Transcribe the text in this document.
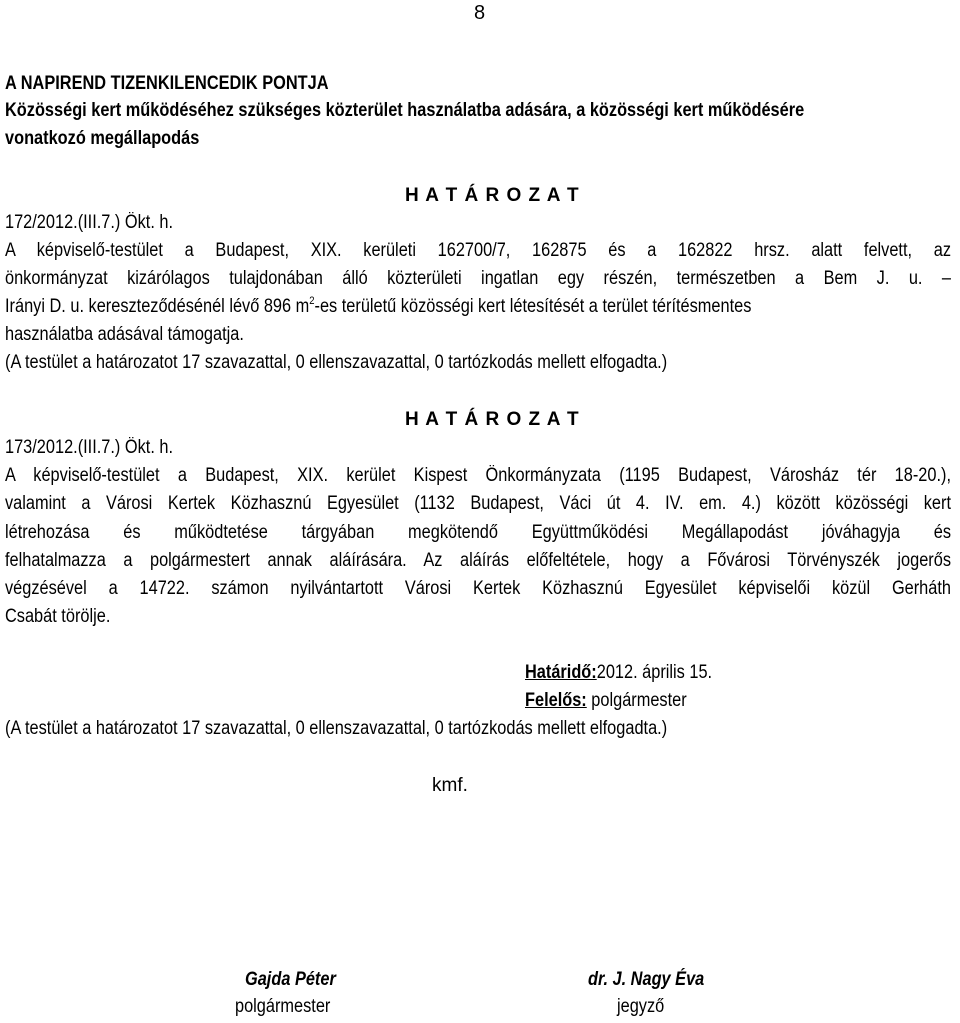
8
A NAPIREND TIZENKILENCEDIK PONTJA
Közösségi kert működéséhez szükséges közterület használatba adására, a közösségi kert működésére
vonatkozó megállapodás
H A T Á R O Z A T
172/2012.(III.7.) Ökt. h.
A képviselő-testület a Budapest, XIX. kerületi 162700/7, 162875 és a 162822 hrsz. alatt felvett, az
önkormányzat kizárólagos tulajdonában álló közterületi ingatlan egy részén, természetben a Bem J. u. –
Irányi D. u. kereszteződésénél lévő 896 $m^2-es$ területű közösségi kert létesítését a terület térítésmentes
használatba adásával támogatja.
(A testület a határozatot 17 szavazattal, 0 ellenszavazattal, 0 tartózkodás mellett elfogadta.)
H A T Á R O Z A T
173/2012.(III.7.) Ökt. h.
A képviselő-testület a Budapest, XIX. kerület Kispest Önkormányzata (1195 Budapest, Városház tér 18-20.),
valamint a Városi Kertek Közhasznú Egyesület (1132 Budapest, Váci út 4. IV. em. 4.) között közösségi kert
létrehozása és működtetése tárgyában megkötendő Együttműködési Megállapodást jóváhagyja és
felhatalmazza a polgármestert annak aláírására. Az aláírás előfeltétele, hogy a Fővárosi Törvényszék jogerős
végzésével a 14722. számon nyilvántartott Városi Kertek Közhasznú Egyesület képviselői közül Gerháth
Csabát törölje.
Határidő:2012. április 15.
Felelős: polgármester
(A testület a határozatot 17 szavazattal, 0 ellenszavazattal, 0 tartózkodás mellett elfogadta.)
kmf.
Gajda Péter
polgármester
dr. J. Nagy Éva
jegyző
